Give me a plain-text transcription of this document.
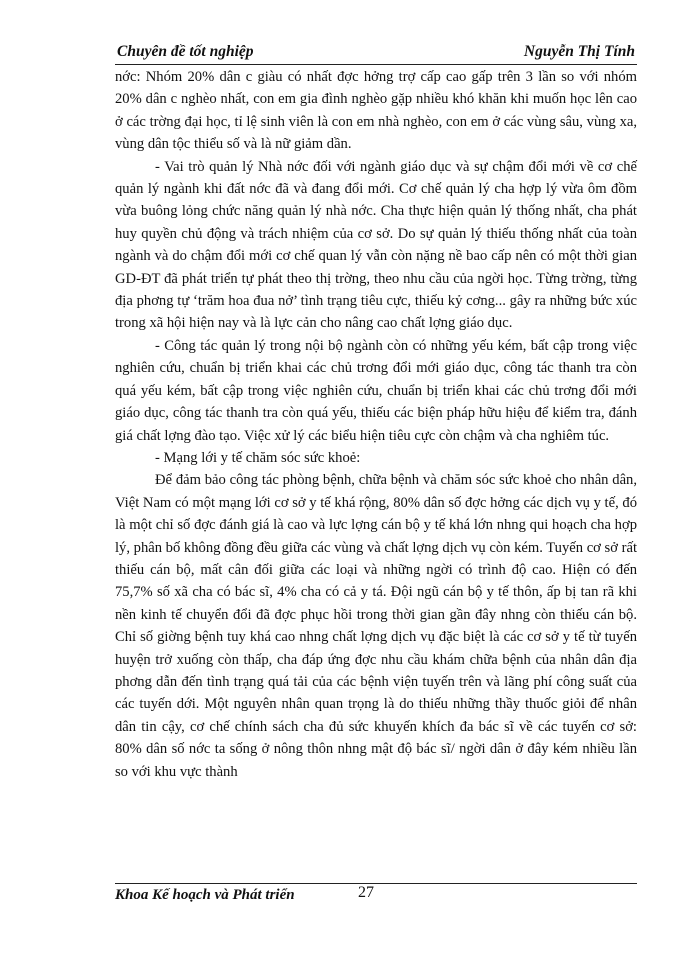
Chuyên đề tốt nghiệp	Nguyễn Thị Tính

nớc: Nhóm 20% dân c giàu có nhất đợc hởng trợ cấp cao gấp trên 3 lần so với nhóm 20% dân c nghèo nhất, con em gia đình nghèo gặp nhiều khó khăn khi muốn học lên cao ở các trờng đại học, tỉ lệ sinh viên là con em nhà nghèo, con em ở các vùng sâu, vùng xa, vùng dân tộc thiểu số và là nữ giảm dần.

- Vai trò quản lý Nhà nớc đối với ngành giáo dục và sự chậm đổi mới về cơ chế quản lý ngành khi đất nớc đã và đang đổi mới. Cơ chế quản lý cha hợp lý vừa ôm đồm vừa buông lỏng chức năng quản lý nhà nớc. Cha thực hiện quản lý thống nhất, cha phát huy quyền chủ động và trách nhiệm của cơ sở. Do sự quản lý thiếu thống nhất của toàn ngành và do chậm đổi mới cơ chế quan lý vẫn còn nặng nề bao cấp nên có một thời gian GD-ĐT đã phát triển tự phát theo thị trờng, theo nhu cầu của ngời học. Từng trờng, từng địa phơng tự ‘trăm hoa đua nở’ tình trạng tiêu cực, thiếu kỷ cơng... gây ra những bức xúc trong xã hội hiện nay và là lực cản cho nâng cao chất lợng giáo dục.

- Công tác quản lý trong nội bộ ngành còn có những yếu kém, bất cập trong việc nghiên cứu, chuẩn bị triển khai các chủ trơng đổi mới giáo dục, công tác thanh tra còn quá yếu kém, bất cập trong việc nghiên cứu, chuẩn bị triển khai các chủ trơng đổi mới giáo dục, công tác thanh tra còn quá yếu, thiếu các biện pháp hữu hiệu để kiểm tra, đánh giá chất lợng đào tạo. Việc xử lý các biểu hiện tiêu cực còn chậm và cha nghiêm túc.

- Mạng lới y tế chăm sóc sức khoẻ:

Để đảm bảo công tác phòng bệnh, chữa bệnh và chăm sóc sức khoẻ cho nhân dân, Việt Nam có một mạng lới cơ sở y tế khá rộng, 80% dân số đợc hởng các dịch vụ y tế, đó là một chỉ số đợc đánh giá là cao và lực lợng cán bộ y tế khá lớn nhng qui hoạch cha hợp lý, phân bố không đồng đều giữa các vùng và chất lợng dịch vụ còn kém. Tuyến cơ sở rất thiếu cán bộ, mất cân đối giữa các loại và những ngời có trình độ cao. Hiện có đến 75,7% số xã cha có bác sĩ, 4% cha có cả y tá. Đội ngũ cán bộ y tế thôn, ấp bị tan rã khi nền kinh tế chuyển đổi đã đợc phục hồi trong thời gian gần đây nhng còn thiếu cán bộ. Chỉ số giờng bệnh tuy khá cao nhng chất lợng dịch vụ đặc biệt là các cơ sở y tế từ tuyến huyện trở xuống còn thấp, cha đáp ứng đợc nhu cầu khám chữa bệnh của nhân dân địa phơng dẫn đến tình trạng quá tải của các bệnh viện tuyến trên và lãng phí công suất của các tuyến dới. Một nguyên nhân quan trọng là do thiếu những thầy thuốc giỏi để nhân dân tin cậy, cơ chế chính sách cha đủ sức khuyến khích đa bác sĩ về các tuyến cơ sở: 80% dân số nớc ta sống ở nông thôn nhng mật độ bác sĩ/ ngời dân ở đây kém nhiều lần so với khu vực thành

Khoa Kế hoạch và Phát triển	27
